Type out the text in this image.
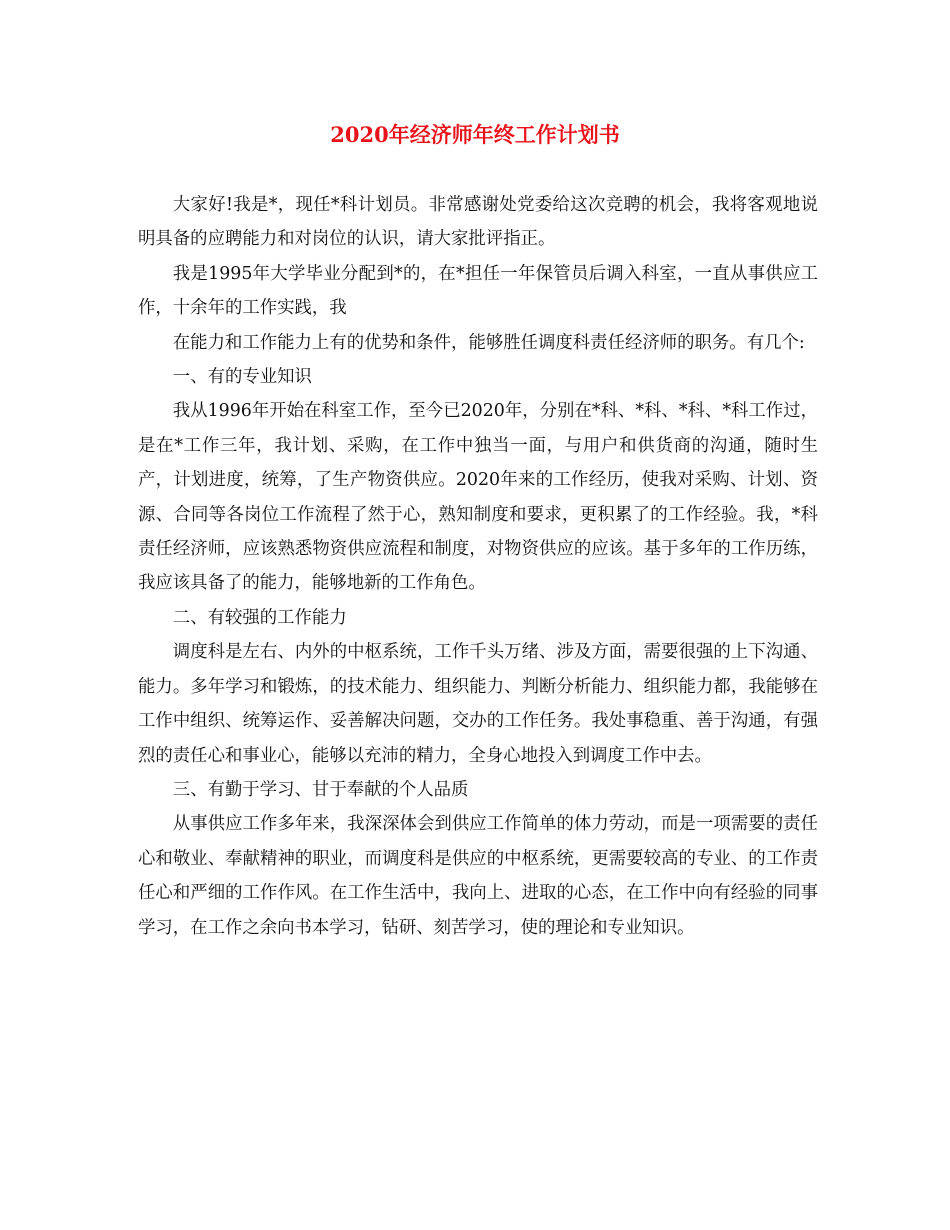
2020年经济师年终工作计划书

大家好!我是*，现任*科计划员。非常感谢处党委给这次竞聘的机会，我将客观地说明具备的应聘能力和对岗位的认识，请大家批评指正。

我是1995年大学毕业分配到*的，在*担任一年保管员后调入科室，一直从事供应工作，十余年的工作实践，我

在能力和工作能力上有的优势和条件，能够胜任调度科责任经济师的职务。有几个:

一、有的专业知识

我从1996年开始在科室工作，至今已2020年，分别在*科、*科、*科、*科工作过，是在*工作三年，我计划、采购，在工作中独当一面，与用户和供货商的沟通，随时生产，计划进度，统筹，了生产物资供应。2020年来的工作经历，使我对采购、计划、资源、合同等各岗位工作流程了然于心，熟知制度和要求，更积累了的工作经验。我，*科责任经济师，应该熟悉物资供应流程和制度，对物资供应的应该。基于多年的工作历练，我应该具备了的能力，能够地新的工作角色。

二、有较强的工作能力

调度科是左右、内外的中枢系统，工作千头万绪、涉及方面，需要很强的上下沟通、能力。多年学习和锻炼，的技术能力、组织能力、判断分析能力、组织能力都，我能够在工作中组织、统筹运作、妥善解决问题，交办的工作任务。我处事稳重、善于沟通，有强烈的责任心和事业心，能够以充沛的精力，全身心地投入到调度工作中去。

三、有勤于学习、甘于奉献的个人品质

从事供应工作多年来，我深深体会到供应工作简单的体力劳动，而是一项需要的责任心和敬业、奉献精神的职业，而调度科是供应的中枢系统，更需要较高的专业、的工作责任心和严细的工作作风。在工作生活中，我向上、进取的心态，在工作中向有经验的同事学习，在工作之余向书本学习，钻研、刻苦学习，使的理论和专业知识。
